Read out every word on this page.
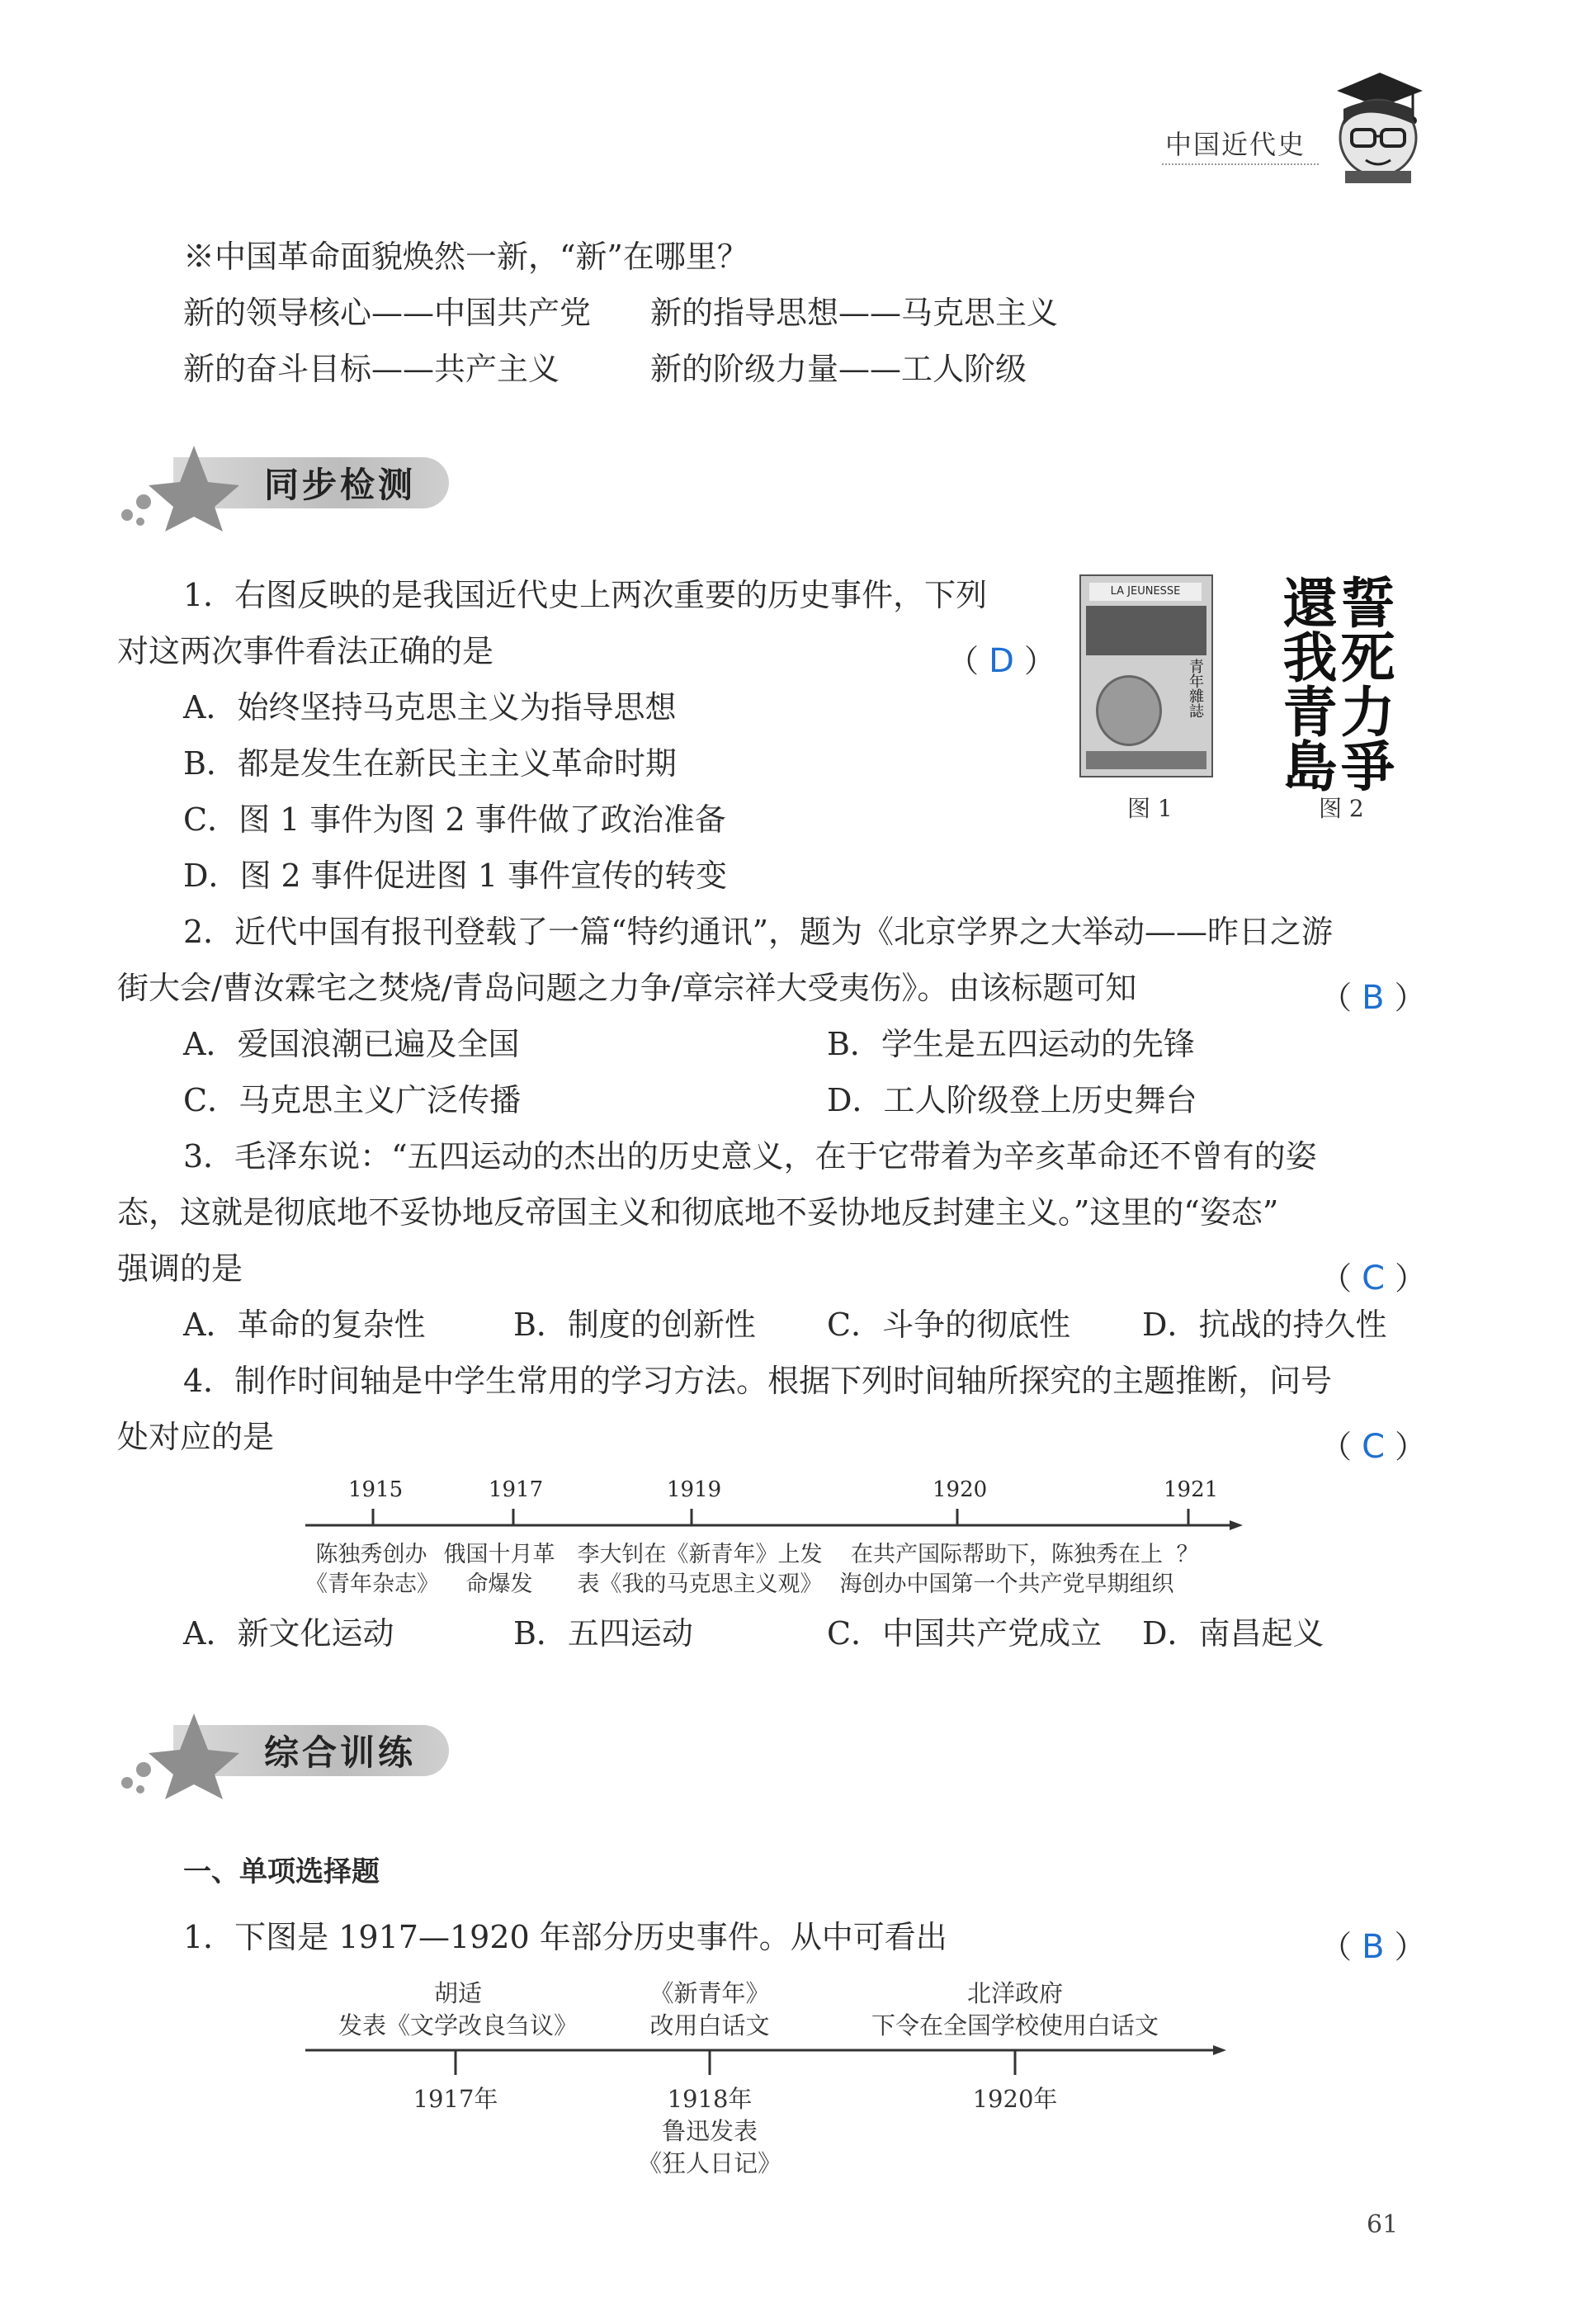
中国近代史
※中国革命面貌焕然一新，“新”在哪里？
新的领导核心——中国共产党 新的指导思想——马克思主义
新的奋斗目标——共产主义	新的阶级力量——工人阶级
同步检测
1．右图反映的是我国近代史上两次重要的历史事件，下列
对这两次事件看法正确的是	（ D ）
A．始终坚持马克思主义为指导思想
B．都是发生在新民主主义革命时期
C．图 1 事件为图 2 事件做了政治准备
D．图 2 事件促进图 1 事件宣传的转变
LA JEUNESSE
青年雜誌
图 1
誓死力爭
還我青島
图 2
2．近代中国有报刊登载了一篇“特约通讯”，题为《北京学界之大举动——昨日之游
街大会/曹汝霖宅之焚烧/青岛问题之力争/章宗祥大受夷伤》。由该标题可知	（ B ）
A．爱国浪潮已遍及全国	B．学生是五四运动的先锋
C．马克思主义广泛传播	D．工人阶级登上历史舞台
3．毛泽东说：“五四运动的杰出的历史意义，在于它带着为辛亥革命还不曾有的姿
态，这就是彻底地不妥协地反帝国主义和彻底地不妥协地反封建主义。”这里的“姿态”
强调的是	（ C ）
A．革命的复杂性	B．制度的创新性 C．斗争的彻底性 D．抗战的持久性
4．制作时间轴是中学生常用的学习方法。根据下列时间轴所探究的主题推断，问号
处对应的是	（ C ）
1915	1917	1919	1920	1921
陈独秀创办
《青年杂志》
俄国十月革
命爆发
李大钊在《新青年》上发
表《我的马克思主义观》
在共产国际帮助下，陈独秀在上
海创办中国第一个共产党早期组织
？
A．新文化运动	B．五四运动	C．中国共产党成立 D．南昌起义
综合训练
一、单项选择题
1．下图是 1917—1920 年部分历史事件。从中可看出	（ B ）
胡适
发表《文学改良刍议》
《新青年》
改用白话文
北洋政府
下令在全国学校使用白话文
1917年	1918年
鲁迅发表
《狂人日记》
1920年
61
